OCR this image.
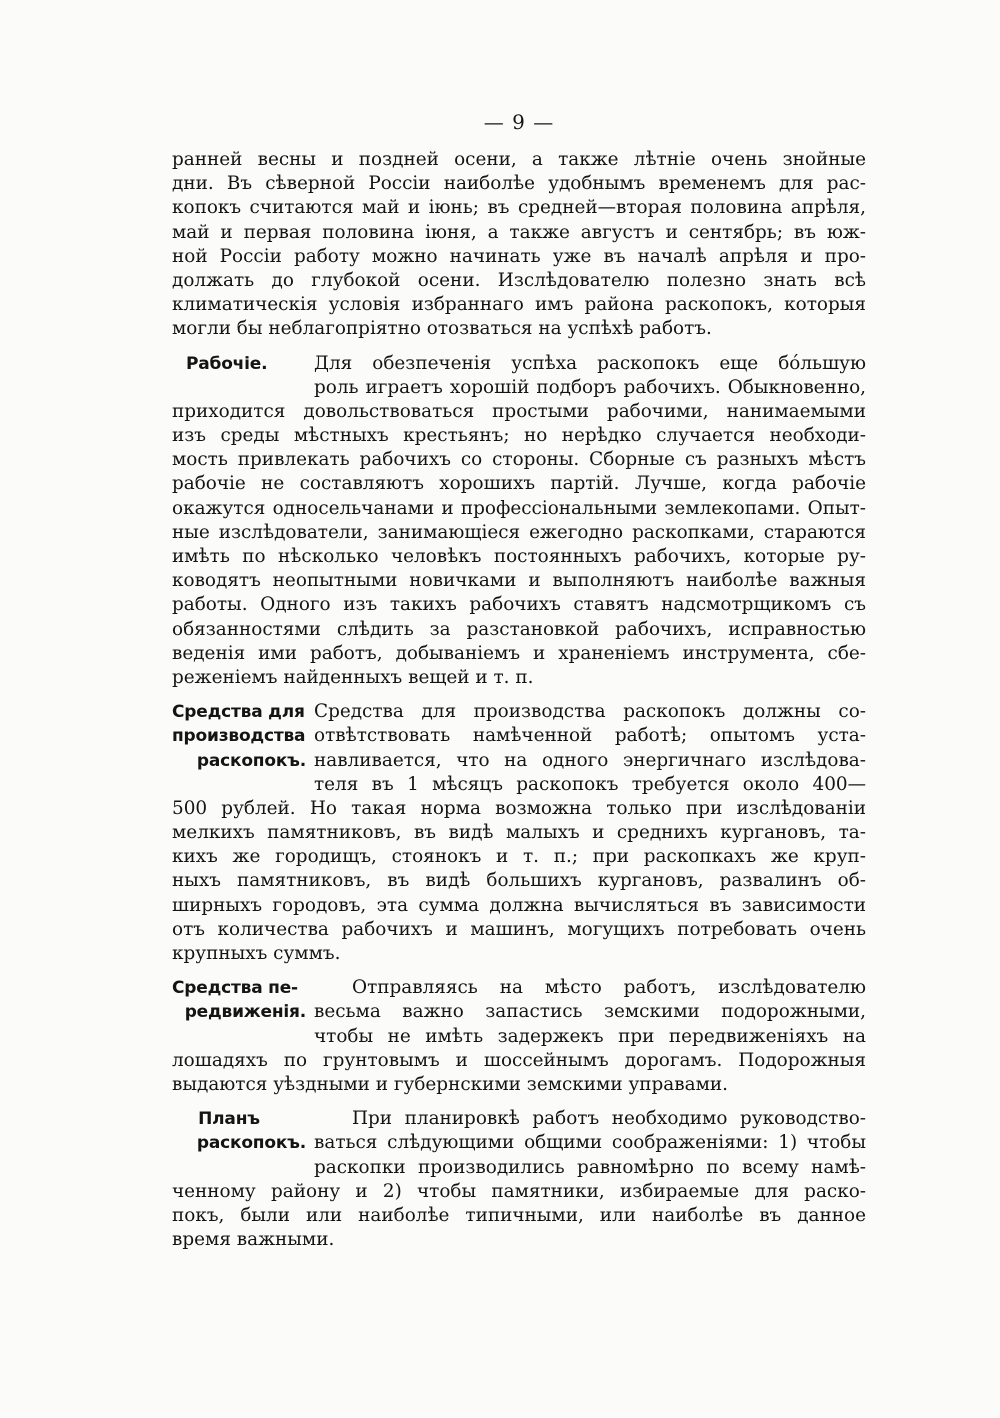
— 9 —
ранней весны и поздней осени, а также лѣтніе очень знойные
дни. Въ сѣверной Россіи наиболѣе удобнымъ временемъ для рас-
копокъ считаются май и іюнь; въ средней—вторая половина апрѣля,
май и первая половина іюня, а также августъ и сентябрь; въ юж-
ной Россіи работу можно начинать уже въ началѣ апрѣля и про-
должать до глубокой осени. Изслѣдователю полезно знать всѣ
климатическія условія избраннаго имъ района раскопокъ, которыя
могли бы неблагопріятно отозваться на успѣхѣ работъ.
Рабочіе.	Для обезпеченія успѣха раскопокъ еще бóльшую
роль играетъ хорошій подборъ рабочихъ. Обыкновенно,
приходится довольствоваться простыми рабочими, нанимаемыми
изъ среды мѣстныхъ крестьянъ; но нерѣдко случается необходи-
мость привлекать рабочихъ со стороны. Сборные съ разныхъ мѣстъ
рабочіе не составляютъ хорошихъ партій. Лучше, когда рабочіе
окажутся односельчанами и профессіональными землекопами. Опыт-
ные изслѣдователи, занимающіеся ежегодно раскопками, стараются
имѣть по нѣсколько человѣкъ постоянныхъ рабочихъ, которые ру-
ководятъ неопытными новичками и выполняютъ наиболѣе важныя
работы. Одного изъ такихъ рабочихъ ставятъ надсмотрщикомъ съ
обязанностями слѣдить за разстановкой рабочихъ, исправностью
веденія ими работъ, добываніемъ и храненіемъ инструмента, сбе-
реженіемъ найденныхъ вещей и т. п.
Средства для
производства
раскопокъ.
Средства для производства раскопокъ должны со-
отвѣтствовать намѣченной работѣ; опытомъ уста-
навливается, что на одного энергичнаго изслѣдова-
теля въ 1 мѣсяцъ раскопокъ требуется около 400—
500 рублей. Но такая норма возможна только при изслѣдованіи
мелкихъ памятниковъ, въ видѣ малыхъ и среднихъ кургановъ, та-
кихъ же городищъ, стоянокъ и т. п.; при раскопкахъ же круп-
ныхъ памятниковъ, въ видѣ большихъ кургановъ, развалинъ об-
ширныхъ городовъ, эта сумма должна вычисляться въ зависимости
отъ количества рабочихъ и машинъ, могущихъ потребовать очень
крупныхъ суммъ.
Средства пе-
редвиженія.
Отправляясь на мѣсто работъ, изслѣдователю
весьма важно запастись земскими подорожными,
чтобы не имѣть задержекъ при передвиженіяхъ на
лошадяхъ по грунтовымъ и шоссейнымъ дорогамъ. Подорожныя
выдаются уѣздными и губернскими земскими управами.
Планъ
раскопокъ.
При планировкѣ работъ необходимо руководство-
ваться слѣдующими общими соображеніями: 1) чтобы
раскопки производились равномѣрно по всему намѣ-
ченному району и 2) чтобы памятники, избираемые для раско-
покъ, были или наиболѣе типичными, или наиболѣе въ данное
время важными.
